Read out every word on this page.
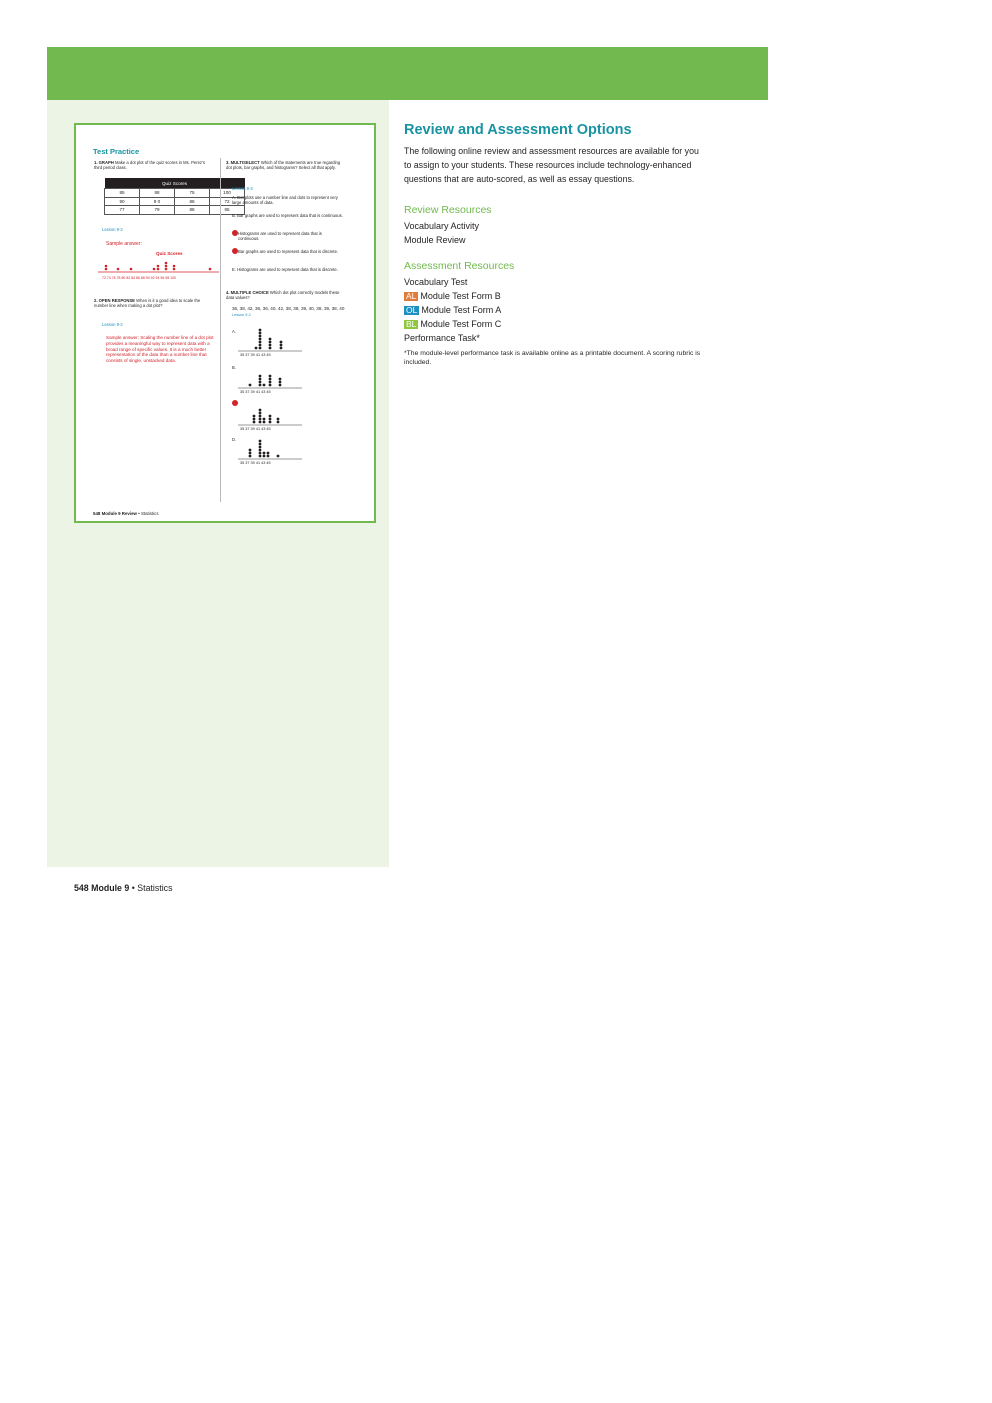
Test Practice
1. GRAPH Make a dot plot of the quiz scores in Ms. Perez's third period class.
Quiz Scores			
85	88	75	100
90	9 0	88	72
77	79	88	85
Lesson 9-2
Sample answer:
Quiz Scores
72 74 76 78 80 82 84 86 88 90 92 94 96 98 100
2. OPEN RESPONSE When is it a good idea to scale the number line when making a dot plot?
Lesson 9-2
Sample answer: Scaling the number line of a dot plot provides a meaningful way to represent data with a broad range of specific values. It is a much better representation of the data than a number line that consists of single, unstacked data.
3. MULTISELECT Which of the statements are true regarding dot plots, bar graphs, and histograms? Select all that apply.
Lesson 9-3
A. Dot plots use a number line and dots to represent very large amounts of data.
B. Bar graphs are used to represent data that is continuous.
Histograms are used to represent data that is continuous.
Bar graphs are used to represent data that is discrete.
E. Histograms are used to represent data that is discrete.
4. MULTIPLE CHOICE Which dot plot correctly models these data values?
36, 38, 42, 36, 36, 40, 42, 38, 38, 39, 40, 38, 39, 38, 40 Lesson 9-2
A.
35 37 39 41 43 45
B.
35 37 39 41 43 45
35 37 39 41 43 45
D.
35 37 39 41 43 45
548 Module 9 Review • Statistics
Review and Assessment Options
The following online review and assessment resources are available for you to assign to your students. These resources include technology-enhanced questions that are auto-scored, as well as essay questions.
Review Resources
Vocabulary Activity
Module Review
Assessment Resources
Vocabulary Test
AL Module Test Form B
OL Module Test Form A
BL Module Test Form C
Performance Task*
*The module-level performance task is available online as a printable document. A scoring rubric is included.
548 Module 9 • Statistics
